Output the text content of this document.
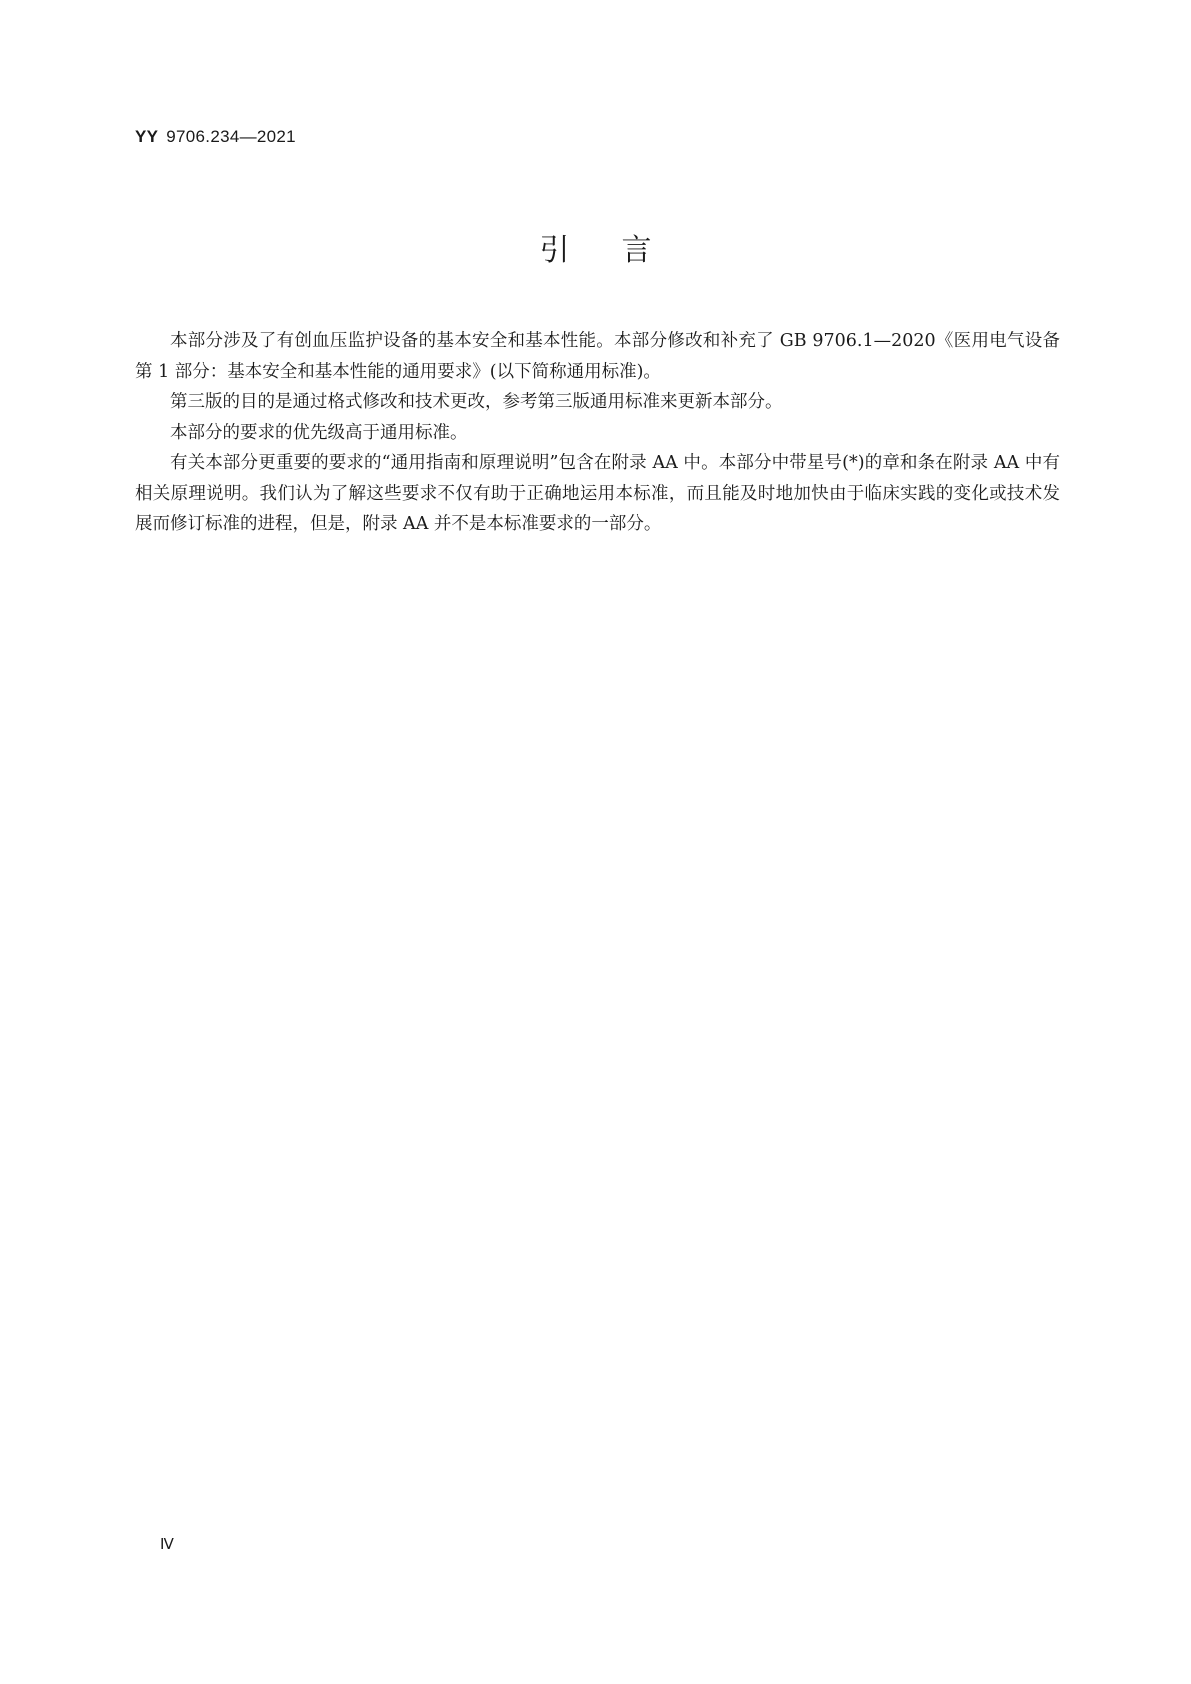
YY 9706.234—2021
引言

本部分涉及了有创血压监护设备的基本安全和基本性能。本部分修改和补充了 GB 9706.1—2020《医用电气设备　第 1 部分：基本安全和基本性能的通用要求》(以下简称通用标准)。

第三版的目的是通过格式修改和技术更改，参考第三版通用标准来更新本部分。

本部分的要求的优先级高于通用标准。

有关本部分更重要的要求的“通用指南和原理说明”包含在附录 AA 中。本部分中带星号(*)的章和条在附录 AA 中有相关原理说明。我们认为了解这些要求不仅有助于正确地运用本标准，而且能及时地加快由于临床实践的变化或技术发展而修订标准的进程，但是，附录 AA 并不是本标准要求的一部分。

Ⅳ
